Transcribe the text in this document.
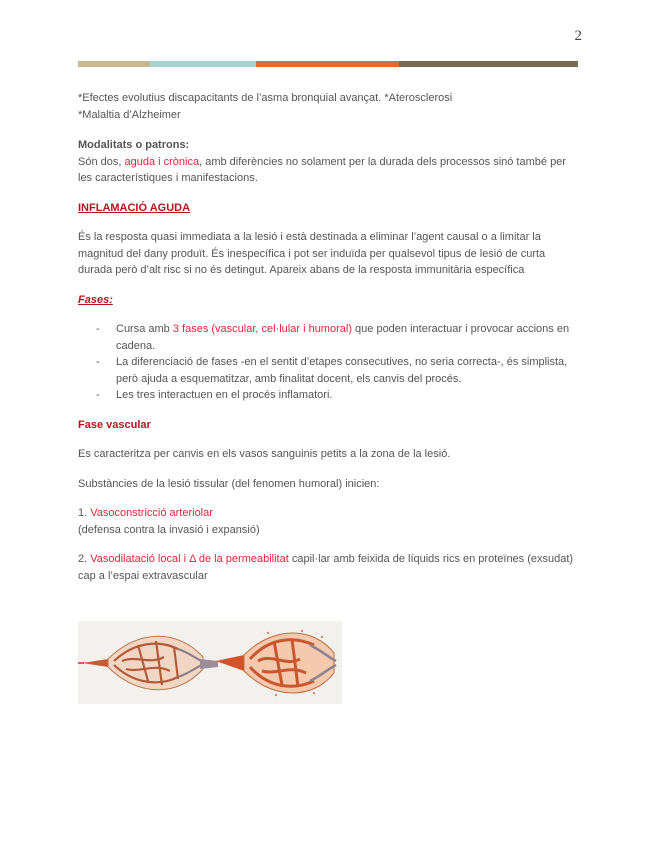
2

*Efectes evolutius discapacitants de l’asma bronquial avançat. *Aterosclerosi

*Malaltia d’Alzheimer

Modalitats o patrons:

Són dos, aguda i crònica, amb diferències no solament per la durada dels processos sinó també per les característiques i manifestacions.

INFLAMACIÓ AGUDA

És la resposta quasi immediata a la lesió i està destinada a eliminar l’agent causal o a limitar la magnitud del dany produït. És inespecífica i pot ser induïda per qualsevol tipus de lesió de curta durada però d’alt risc si no és detingut. Apareix abans de la resposta immunitària específica

Fases:

- Cursa amb 3 fases (vascular, cel·lular i humoral) que poden interactuar i provocar accions en cadena.
- La diferenciació de fases -en el sentit d’etapes consecutives, no seria correcta-, és simplista, però ajuda a esquematitzar, amb finalitat docent, els canvis del procés.
- Les tres interactuen en el procés inflamatori.

Fase vascular

Es caracteritza per canvis en els vasos sanguinis petits a la zona de la lesió.

Substàncies de la lesió tissular (del fenomen humoral) inicien:

1. Vasoconstricció arteriolar

(defensa contra la invasió i expansió)

2. Vasodilatació local i Δ de la permeabilitat capil·lar amb feixida de líquids rics en proteïnes (exsudat) cap a l’espai extravascular
